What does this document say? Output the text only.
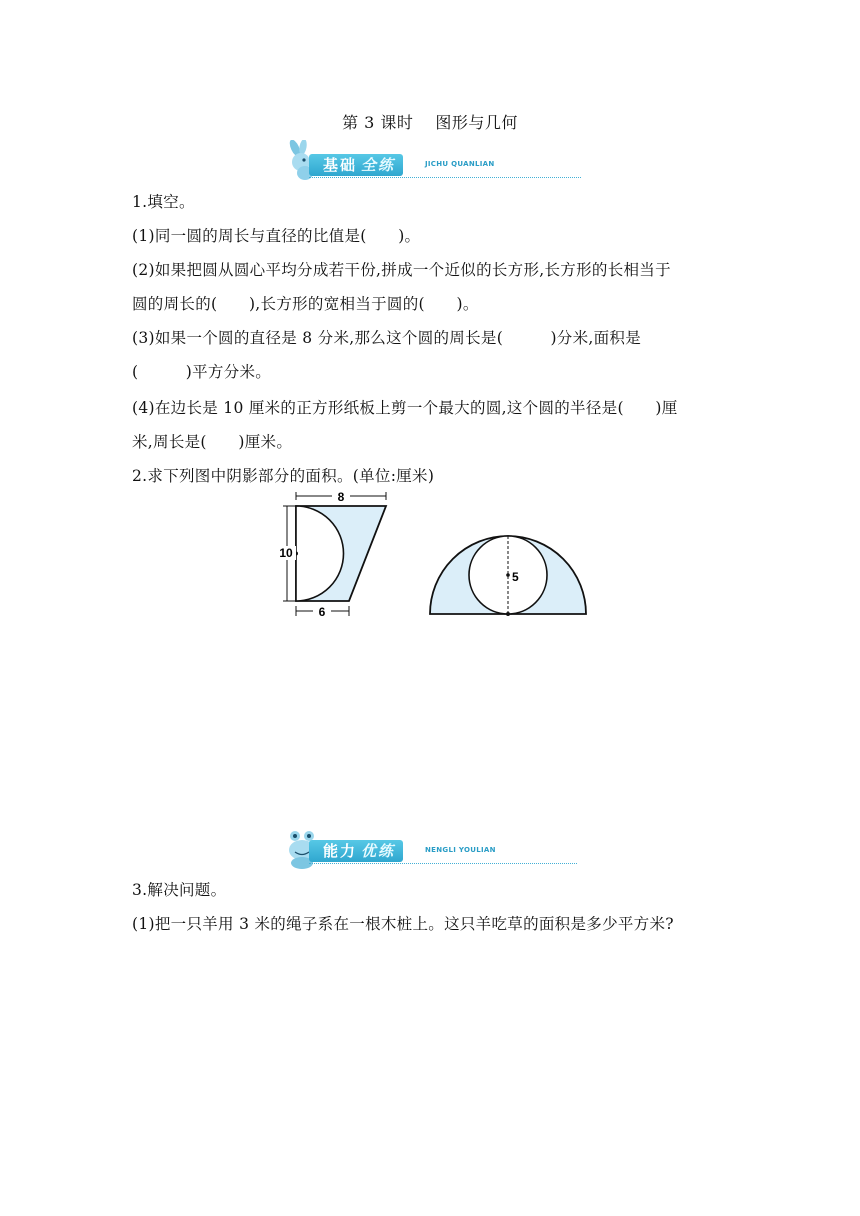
第 3 课时 图形与几何
基础 全练	JICHU QUANLIAN
1.填空。
(1)同一圆的周长与直径的比值是(　　)。
(2)如果把圆从圆心平均分成若干份,拼成一个近似的长方形,长方形的长相当于
圆的周长的(　　),长方形的宽相当于圆的(　　)。
(3)如果一个圆的直径是 8 分米,那么这个圆的周长是(　　　)分米,面积是
(　　　)平方分米。
(4)在边长是 10 厘米的正方形纸板上剪一个最大的圆,这个圆的半径是(　　)厘
米,周长是(　　)厘米。
2.求下列图中阴影部分的面积。(单位:厘米)
8
10
6
5
能力 优练	NENGLI YOULIAN
3.解决问题。
(1)把一只羊用 3 米的绳子系在一根木桩上。这只羊吃草的面积是多少平方米?
